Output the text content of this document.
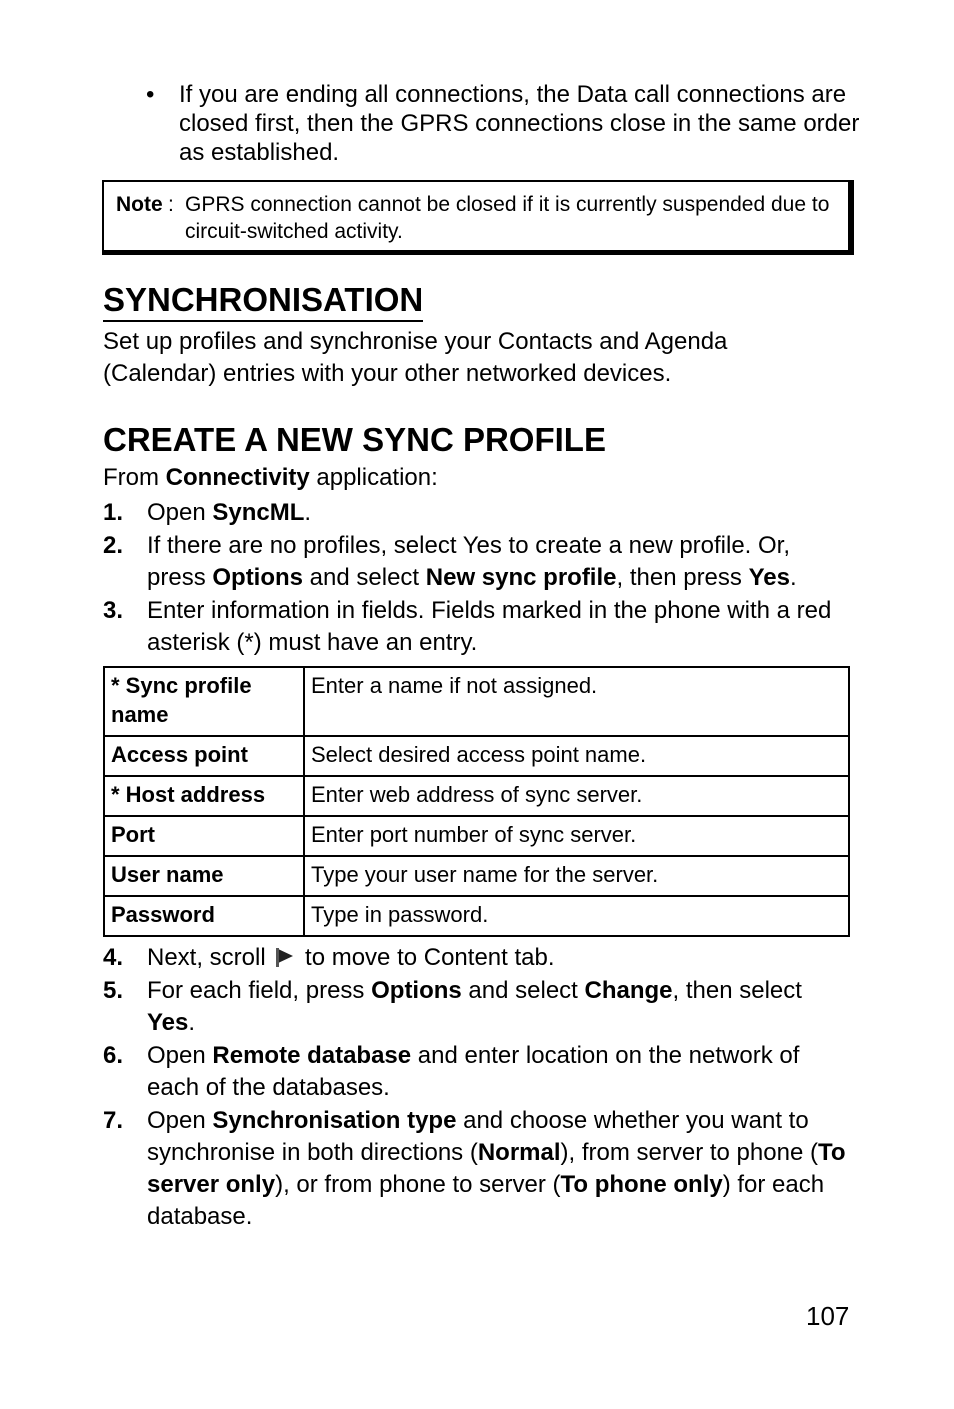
• If you are ending all connections, the Data call connections are closed first, then the GPRS connections close in the same order as established.
Note : GPRS connection cannot be closed if it is currently suspended due to circuit-switched activity.
SYNCHRONISATION
Set up profiles and synchronise your Contacts and Agenda (Calendar) entries with your other networked devices.
CREATE A NEW SYNC PROFILE
From Connectivity application:
1. Open SyncML.
2. If there are no profiles, select Yes to create a new profile. Or, press Options and select New sync profile, then press Yes.
3. Enter information in fields. Fields marked in the phone with a red asterisk (*) must have an entry.
* Sync profile name	Enter a name if not assigned.
Access point	Select desired access point name.
* Host address	Enter web address of sync server.
Port	Enter port number of sync server.
User name	Type your user name for the server.
Password	Type in password.
4. Next, scroll  to move to Content tab.
5. For each field, press Options and select Change, then select Yes.
6. Open Remote database and enter location on the network of each of the databases.
7. Open Synchronisation type and choose whether you want to synchronise in both directions (Normal), from server to phone (To server only), or from phone to server (To phone only) for each database.
107
